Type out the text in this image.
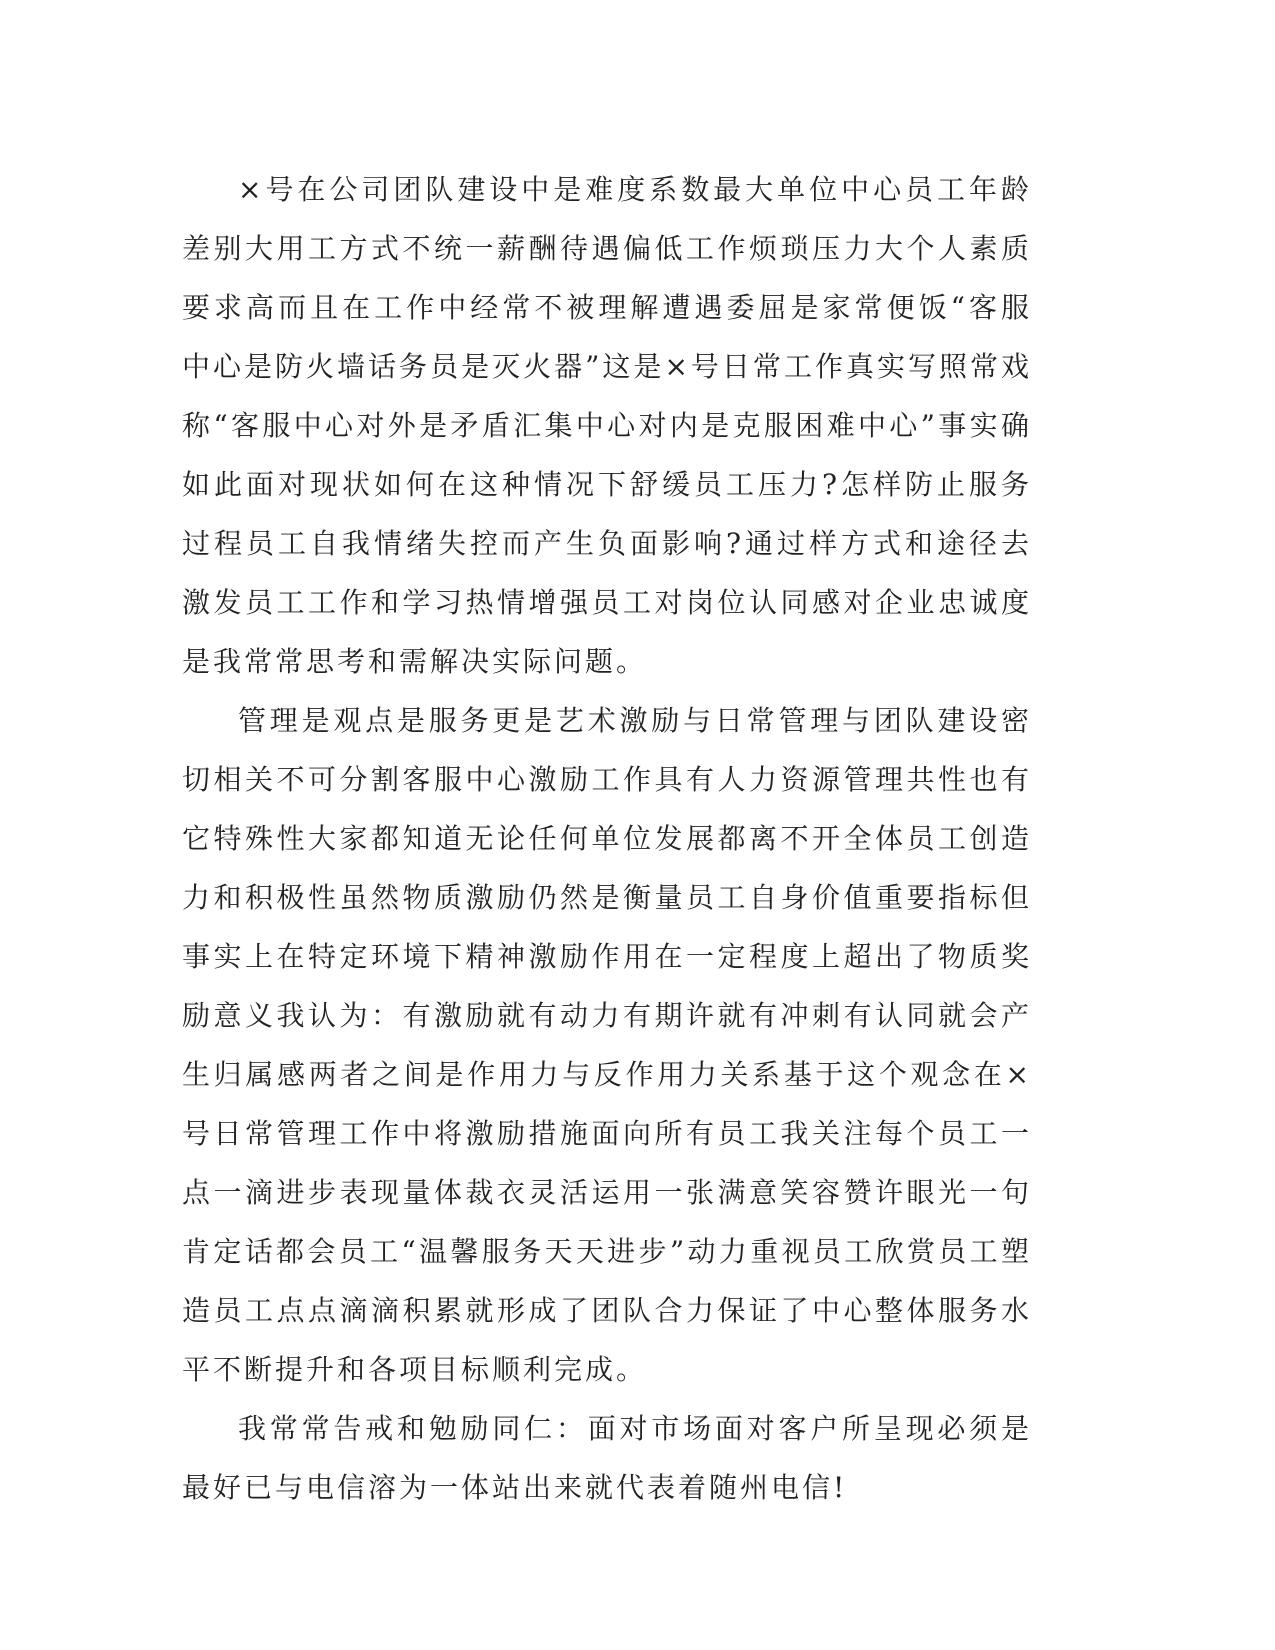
×号在公司团队建设中是难度系数最大单位中心员工年龄差别大用工方式不统一薪酬待遇偏低工作烦琐压力大个人素质要求高而且在工作中经常不被理解遭遇委屈是家常便饭“客服中心是防火墙话务员是灭火器”这是×号日常工作真实写照常戏称“客服中心对外是矛盾汇集中心对内是克服困难中心”事实确如此面对现状如何在这种情况下舒缓员工压力?怎样防止服务过程员工自我情绪失控而产生负面影响?通过样方式和途径去激发员工工作和学习热情增强员工对岗位认同感对企业忠诚度是我常常思考和需解决实际问题。

管理是观点是服务更是艺术激励与日常管理与团队建设密切相关不可分割客服中心激励工作具有人力资源管理共性也有它特殊性大家都知道无论任何单位发展都离不开全体员工创造力和积极性虽然物质激励仍然是衡量员工自身价值重要指标但事实上在特定环境下精神激励作用在一定程度上超出了物质奖励意义我认为：有激励就有动力有期许就有冲刺有认同就会产生归属感两者之间是作用力与反作用力关系基于这个观念在×号日常管理工作中将激励措施面向所有员工我关注每个员工一点一滴进步表现量体裁衣灵活运用一张满意笑容赞许眼光一句肯定话都会员工“温馨服务天天进步”动力重视员工欣赏员工塑造员工点点滴滴积累就形成了团队合力保证了中心整体服务水平不断提升和各项目标顺利完成。

我常常告戒和勉励同仁：面对市场面对客户所呈现必须是最好已与电信溶为一体站出来就代表着随州电信!
